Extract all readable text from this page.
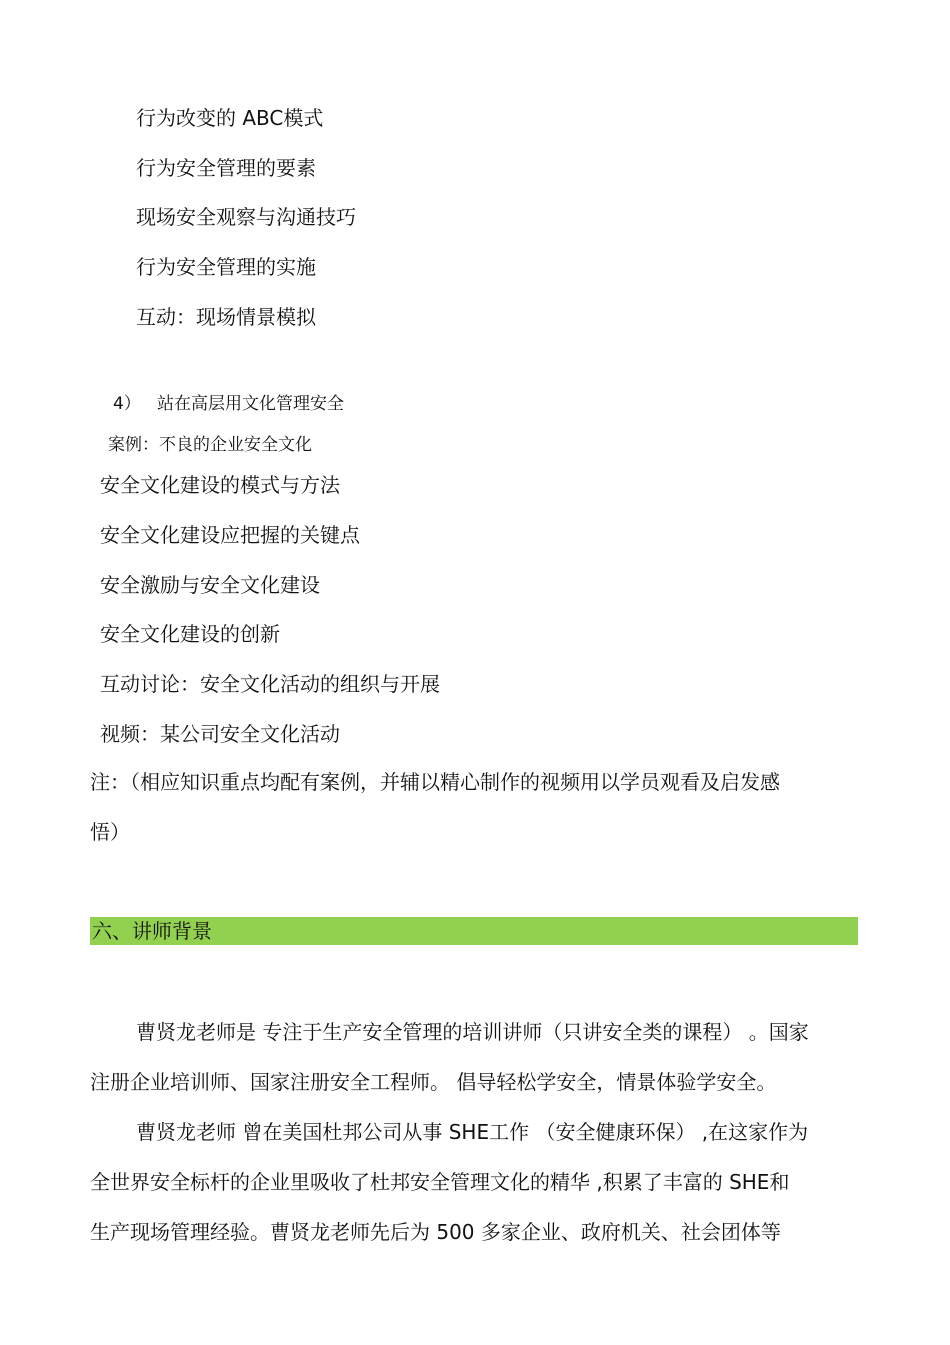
行为改变的 ABC模式
行为安全管理的要素
现场安全观察与沟通技巧
行为安全管理的实施
互动：现场情景模拟
4） 站在高层用文化管理安全
案例：不良的企业安全文化
安全文化建设的模式与方法
安全文化建设应把握的关键点
安全激励与安全文化建设
安全文化建设的创新
互动讨论：安全文化活动的组织与开展
视频：某公司安全文化活动
注：（相应知识重点均配有案例，并辅以精心制作的视频用以学员观看及启发感
悟）
六、讲师背景
曹贤龙老师是 专注于生产安全管理的培训讲师（只讲安全类的课程） 。国家
注册企业培训师、国家注册安全工程师。 倡导轻松学安全，情景体验学安全。
曹贤龙老师 曾在美国杜邦公司从事 SHE工作 （安全健康环保） ,在这家作为
全世界安全标杆的企业里吸收了杜邦安全管理文化的精华 ,积累了丰富的 SHE和
生产现场管理经验。曹贤龙老师先后为 500 多家企业、政府机关、社会团体等
